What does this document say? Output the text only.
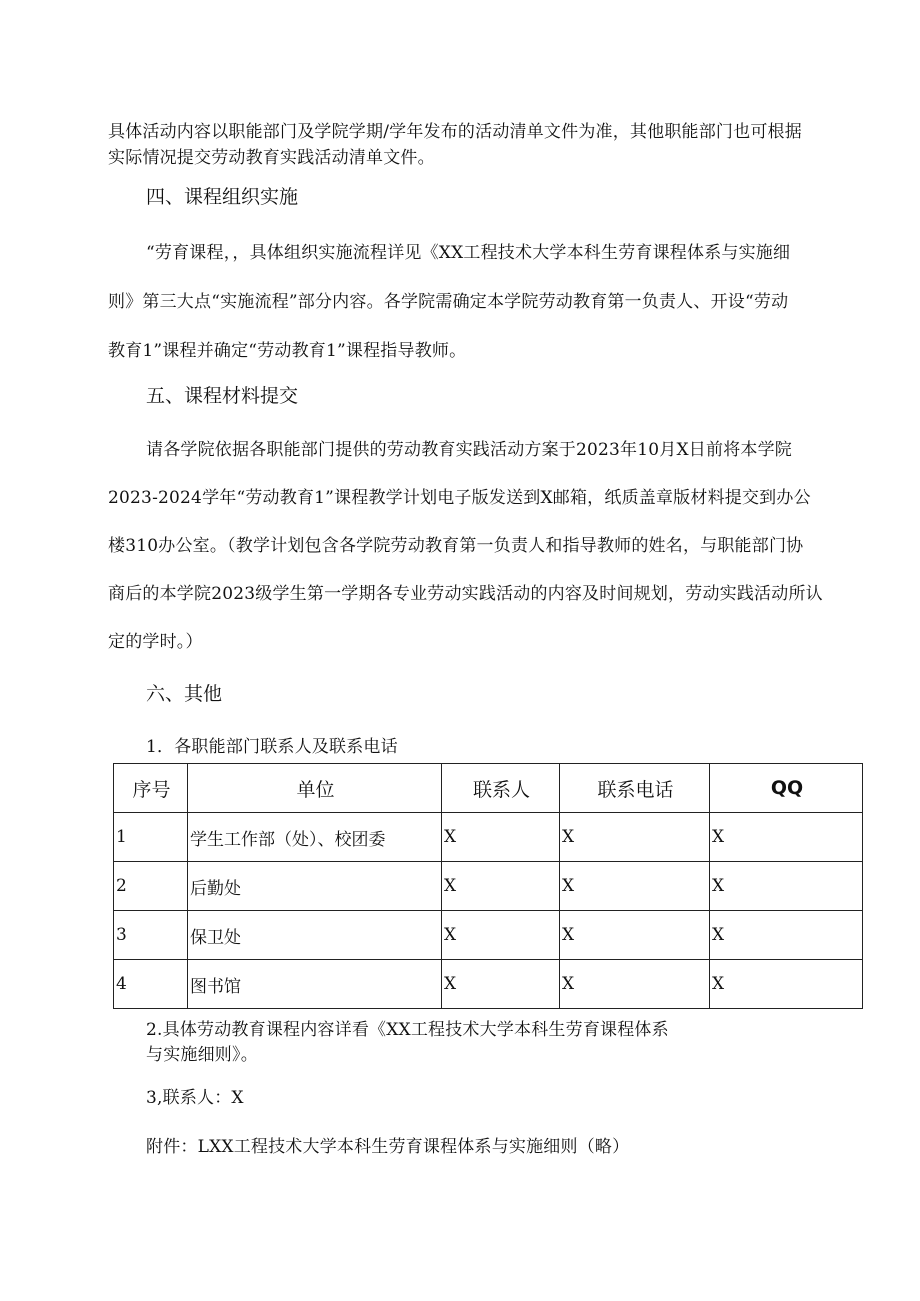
具体活动内容以职能部门及学院学期/学年发布的活动清单文件为准，其他职能部门也可根据

实际情况提交劳动教育实践活动清单文件。

四、课程组织实施

“劳育课程，，具体组织实施流程详见《XX工程技术大学本科生劳育课程体系与实施细

则》第三大点“实施流程”部分内容。各学院需确定本学院劳动教育第一负责人、开设“劳动

教育1”课程并确定“劳动教育1”课程指导教师。

五、课程材料提交

请各学院依据各职能部门提供的劳动教育实践活动方案于2023年10月X日前将本学院

2023-2024学年“劳动教育1”课程教学计划电子版发送到X邮箱，纸质盖章版材料提交到办公

楼310办公室。（教学计划包含各学院劳动教育第一负责人和指导教师的姓名，与职能部门协

商后的本学院2023级学生第一学期各专业劳动实践活动的内容及时间规划，劳动实践活动所认

定的学时。）

六、其他

1．各职能部门联系人及联系电话

序号	单位	联系人	联系电话	QQ
1	学生工作部（处）、校团委	X	X	X
2	后勤处	X	X	X
3	保卫处	X	X	X
4	图书馆	X	X	X

2.具体劳动教育课程内容详看《XX工程技术大学本科生劳育课程体系

与实施细则》。

3,联系人：X

附件：LXX工程技术大学本科生劳育课程体系与实施细则（略）
